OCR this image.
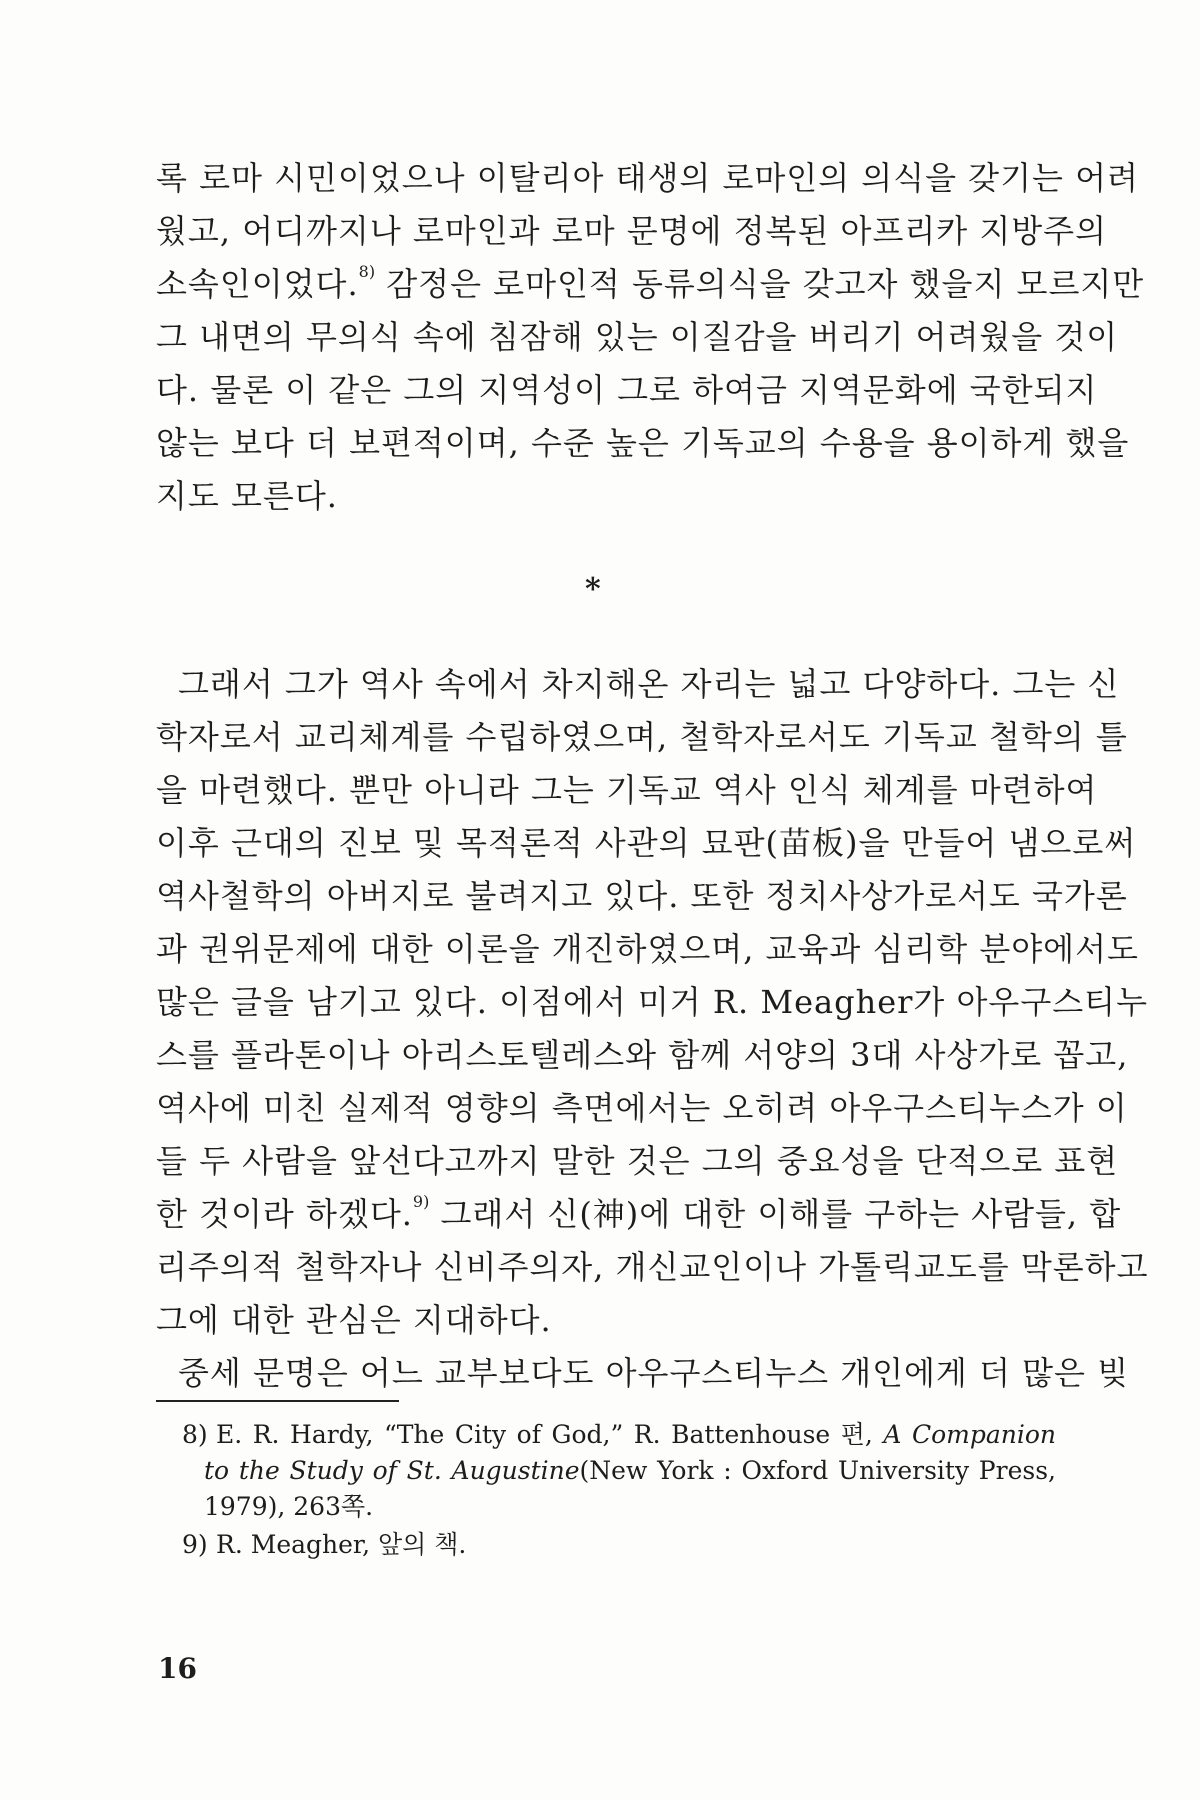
록 로마 시민이었으나 이탈리아 태생의 로마인의 의식을 갖기는 어려
웠고, 어디까지나 로마인과 로마 문명에 정복된 아프리카 지방주의
소속인이었다.$^{8)}$ 감정은 로마인적 동류의식을 갖고자 했을지 모르지만
그 내면의 무의식 속에 침잠해 있는 이질감을 버리기 어려웠을 것이
다. 물론 이 같은 그의 지역성이 그로 하여금 지역문화에 국한되지
않는 보다 더 보편적이며, 수준 높은 기독교의 수용을 용이하게 했을
지도 모른다.
*
그래서 그가 역사 속에서 차지해온 자리는 넓고 다양하다. 그는 신
학자로서 교리체계를 수립하였으며, 철학자로서도 기독교 철학의 틀
을 마련했다. 뿐만 아니라 그는 기독교 역사 인식 체계를 마련하여
이후 근대의 진보 및 목적론적 사관의 묘판(苗板)을 만들어 냄으로써
역사철학의 아버지로 불려지고 있다. 또한 정치사상가로서도 국가론
과 권위문제에 대한 이론을 개진하였으며, 교육과 심리학 분야에서도
많은 글을 남기고 있다. 이점에서 미거 R. Meagher가 아우구스티누
스를 플라톤이나 아리스토텔레스와 함께 서양의 3대 사상가로 꼽고,
역사에 미친 실제적 영향의 측면에서는 오히려 아우구스티누스가 이
들 두 사람을 앞선다고까지 말한 것은 그의 중요성을 단적으로 표현
한 것이라 하겠다.$^{9)}$ 그래서 신(神)에 대한 이해를 구하는 사람들, 합
리주의적 철학자나 신비주의자, 개신교인이나 가톨릭교도를 막론하고
그에 대한 관심은 지대하다.
중세 문명은 어느 교부보다도 아우구스티누스 개인에게 더 많은 빚
8) E. R. Hardy, “The City of God,” R. Battenhouse 편, A Companion
to the Study of St. Augustine(New York : Oxford University Press,
1979), 263쪽.
9) R. Meagher, 앞의 책.
16
